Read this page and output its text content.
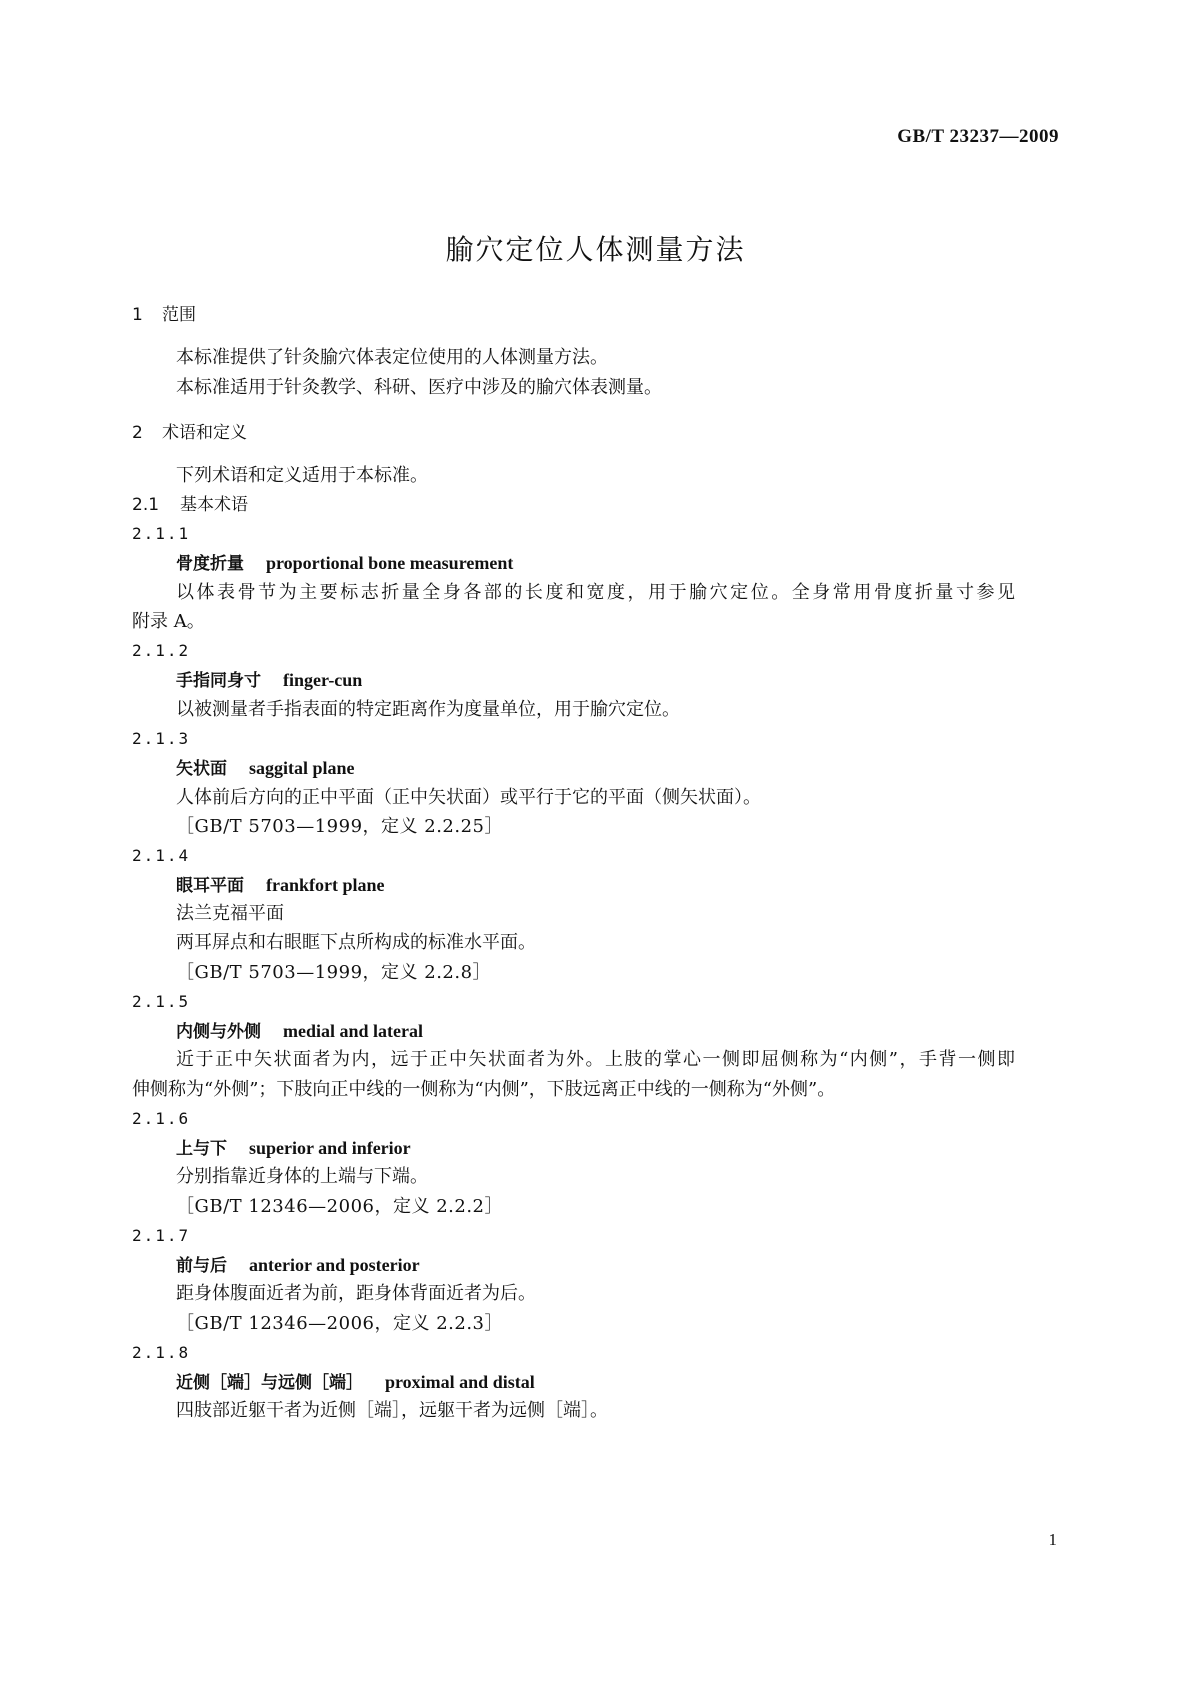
GB/T 23237—2009
腧穴定位人体测量方法
1 范围
本标准提供了针灸腧穴体表定位使用的人体测量方法。
本标准适用于针灸教学、科研、医疗中涉及的腧穴体表测量。
2 术语和定义
下列术语和定义适用于本标准。
2.1 基本术语
2.1.1
骨度折量 proportional bone measurement
以体表骨节为主要标志折量全身各部的长度和宽度，用于腧穴定位。全身常用骨度折量寸参见
附录 A。
2.1.2
手指同身寸 finger-cun
以被测量者手指表面的特定距离作为度量单位，用于腧穴定位。
2.1.3
矢状面 saggital plane
人体前后方向的正中平面（正中矢状面）或平行于它的平面（侧矢状面）。
［GB/T 5703—1999，定义 2.2.25］
2.1.4
眼耳平面 frankfort plane
法兰克福平面
两耳屏点和右眼眶下点所构成的标准水平面。
［GB/T 5703—1999，定义 2.2.8］
2.1.5
内侧与外侧 medial and lateral
近于正中矢状面者为内，远于正中矢状面者为外。上肢的掌心一侧即屈侧称为“内侧”，手背一侧即
伸侧称为“外侧”；下肢向正中线的一侧称为“内侧”，下肢远离正中线的一侧称为“外侧”。
2.1.6
上与下 superior and inferior
分别指靠近身体的上端与下端。
［GB/T 12346—2006，定义 2.2.2］
2.1.7
前与后 anterior and posterior
距身体腹面近者为前，距身体背面近者为后。
［GB/T 12346—2006，定义 2.2.3］
2.1.8
近侧［端］与远侧［端］ proximal and distal
四肢部近躯干者为近侧［端］，远躯干者为远侧［端］。
1
